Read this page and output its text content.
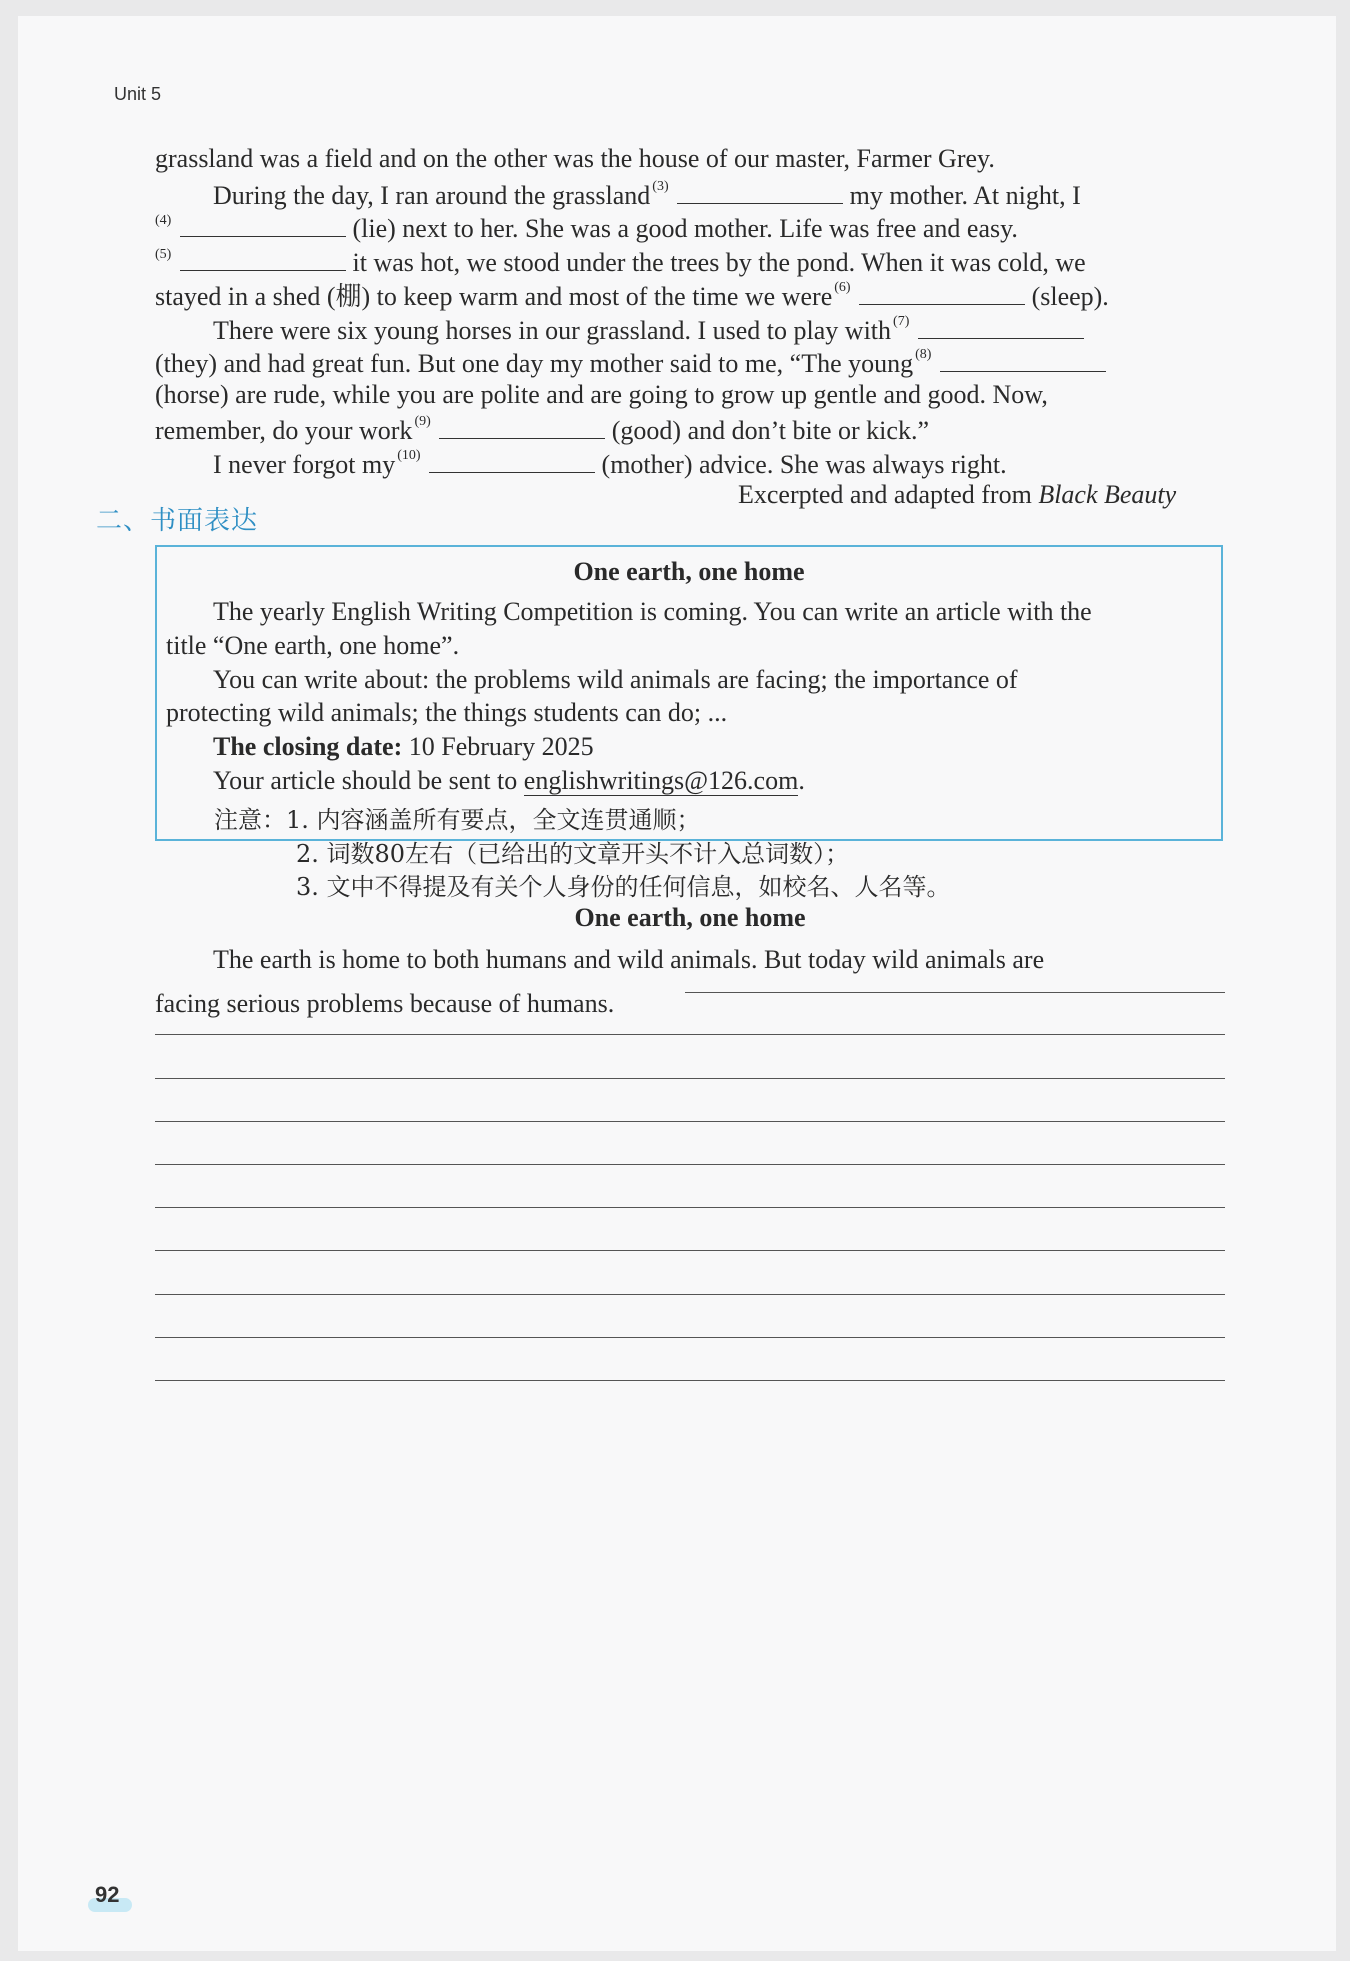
Unit 5
grassland was a field and on the other was the house of our master, Farmer Grey.
During the day, I ran around the grassland $^{(3)}$	my mother. At night, I
(4)	(lie) next to her. She was a good mother. Life was free and easy.
(5)	it was hot, we stood under the trees by the pond. When it was cold, we
stayed in a shed (棚) to keep warm and most of the time we were $^{(6)}$	(sleep).
There were six young horses in our grassland. I used to play with $^{(7)}$
(they) and had great fun. But one day my mother said to me, “The young $^{(8)}$
(horse) are rude, while you are polite and are going to grow up gentle and good. Now,
remember, do your work $^{(9)}$	(good) and don’t bite or kick.”
I never forgot my $^{(10)}$	(mother) advice. She was always right.
Excerpted and adapted from Black Beauty
二、书面表达
One earth, one home
The yearly English Writing Competition is coming. You can write an article with the
title “One earth, one home”.
You can write about: the problems wild animals are facing; the importance of
protecting wild animals; the things students can do; ...
The closing date: 10 February 2025
Your article should be sent to englishwritings@126.com.
注意：1. 内容涵盖所有要点，全文连贯通顺；
2. 词数80左右（已给出的文章开头不计入总词数）；
3. 文中不得提及有关个人身份的任何信息，如校名、人名等。
One earth, one home
The earth is home to both humans and wild animals. But today wild animals are
facing serious problems because of humans.
92
